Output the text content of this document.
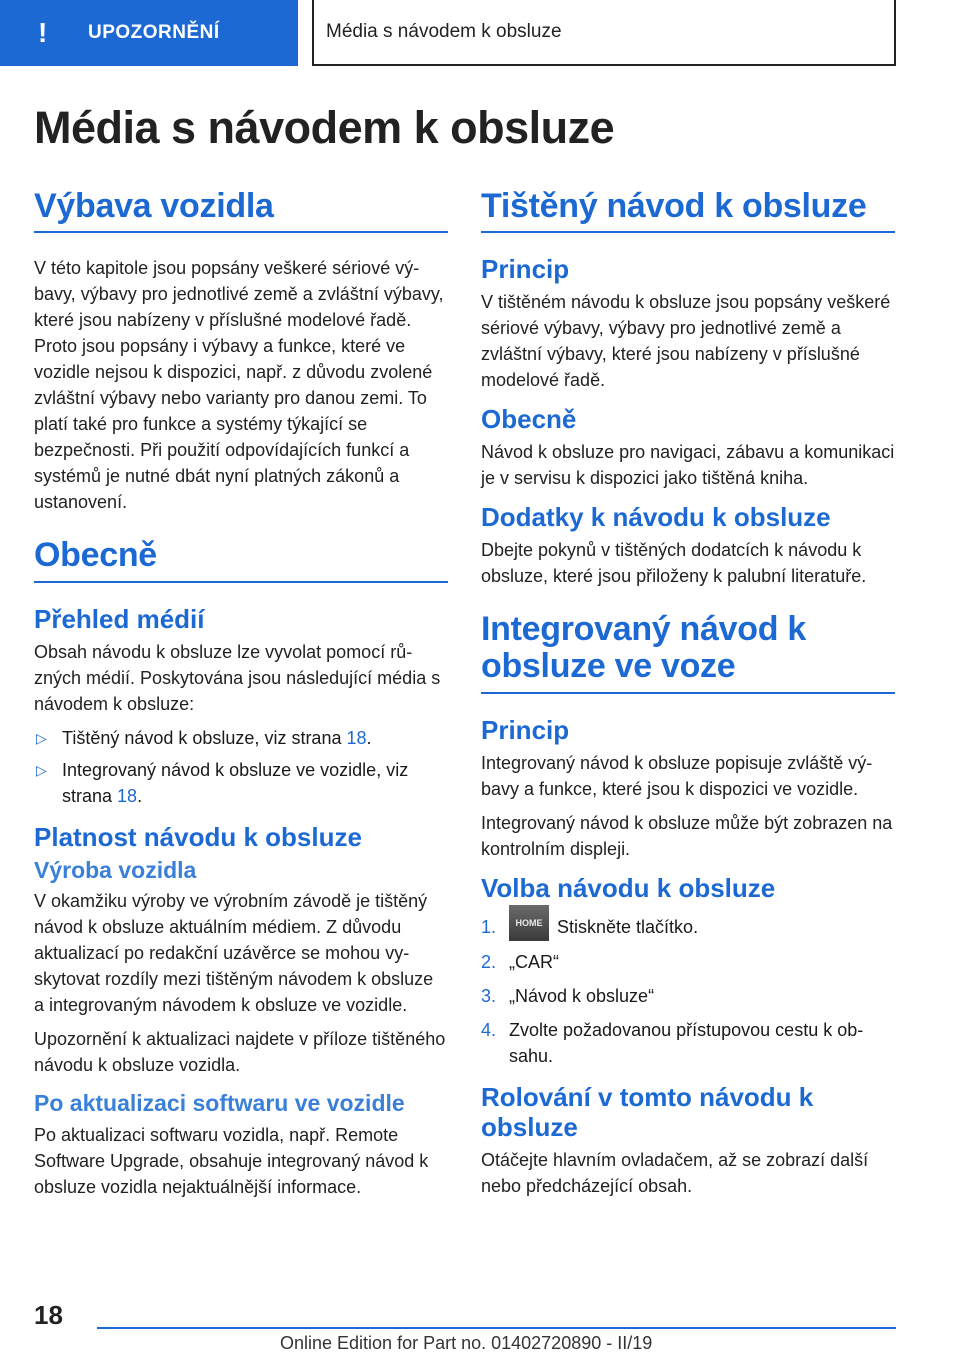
!	UPOZORNĚNÍ	Média s návodem k obsluze
Média s návodem k obsluze
Výbava vozidla

V této kapitole jsou popsány veškeré sériové výbavy, výbavy pro jednotlivé země a zvláštní výbavy, které jsou nabízeny v příslušné modelové řadě. Proto jsou popsány i výbavy a funkce, které ve vozidle nejsou k dispozici, např. z důvodu zvolené zvláštní výbavy nebo varianty pro danou zemi. To platí také pro funkce a systémy týkající se bezpečnosti. Při použití odpovídajících funkcí a systémů je nutné dbát nyní platných zákonů a ustanovení.

Obecně
Přehled médií

Obsah návodu k obsluze lze vyvolat pomocí různých médií. Poskytována jsou následující média s návodem k obsluze:

▷ Tištěný návod k obsluze, viz strana 18.
▷ Integrovaný návod k obsluze ve vozidle, viz strana 18.
Platnost návodu k obsluze
Výroba vozidla

V okamžiku výroby ve výrobním závodě je tištěný návod k obsluze aktuálním médiem. Z důvodu aktualizací po redakční uzávěrce se mohou vyskytovat rozdíly mezi tištěným návodem k obsluze a integrovaným návodem k obsluze ve vozidle.

Upozornění k aktualizaci najdete v příloze tištěného návodu k obsluze vozidla.

Po aktualizaci softwaru ve vozidle

Po aktualizaci softwaru vozidla, např. Remote Software Upgrade, obsahuje integrovaný návod k obsluze vozidla nejaktuálnější informace.

Tištěný návod k obsluze
Princip

V tištěném návodu k obsluze jsou popsány veškeré sériové výbavy, výbavy pro jednotlivé země a zvláštní výbavy, které jsou nabízeny v příslušné modelové řadě.

Obecně

Návod k obsluze pro navigaci, zábavu a komunikaci je v servisu k dispozici jako tištěná kniha.

Dodatky k návodu k obsluze

Dbejte pokynů v tištěných dodatcích k návodu k obsluze, které jsou přiloženy k palubní literatuře.

Integrovaný návod k obsluze ve voze
Princip

Integrovaný návod k obsluze popisuje zvláště výbavy a funkce, které jsou k dispozici ve vozidle.

Integrovaný návod k obsluze může být zobrazen na kontrolním displeji.

Volba návodu k obsluze
1. HOME Stiskněte tlačítko.
2. „CAR“
3. „Návod k obsluze“
4. Zvolte požadovanou přístupovou cestu k obsahu.
Rolování v tomto návodu k obsluze

Otáčejte hlavním ovladačem, až se zobrazí další nebo předcházející obsah.

18
Online Edition for Part no. 01402720890 - II/19
